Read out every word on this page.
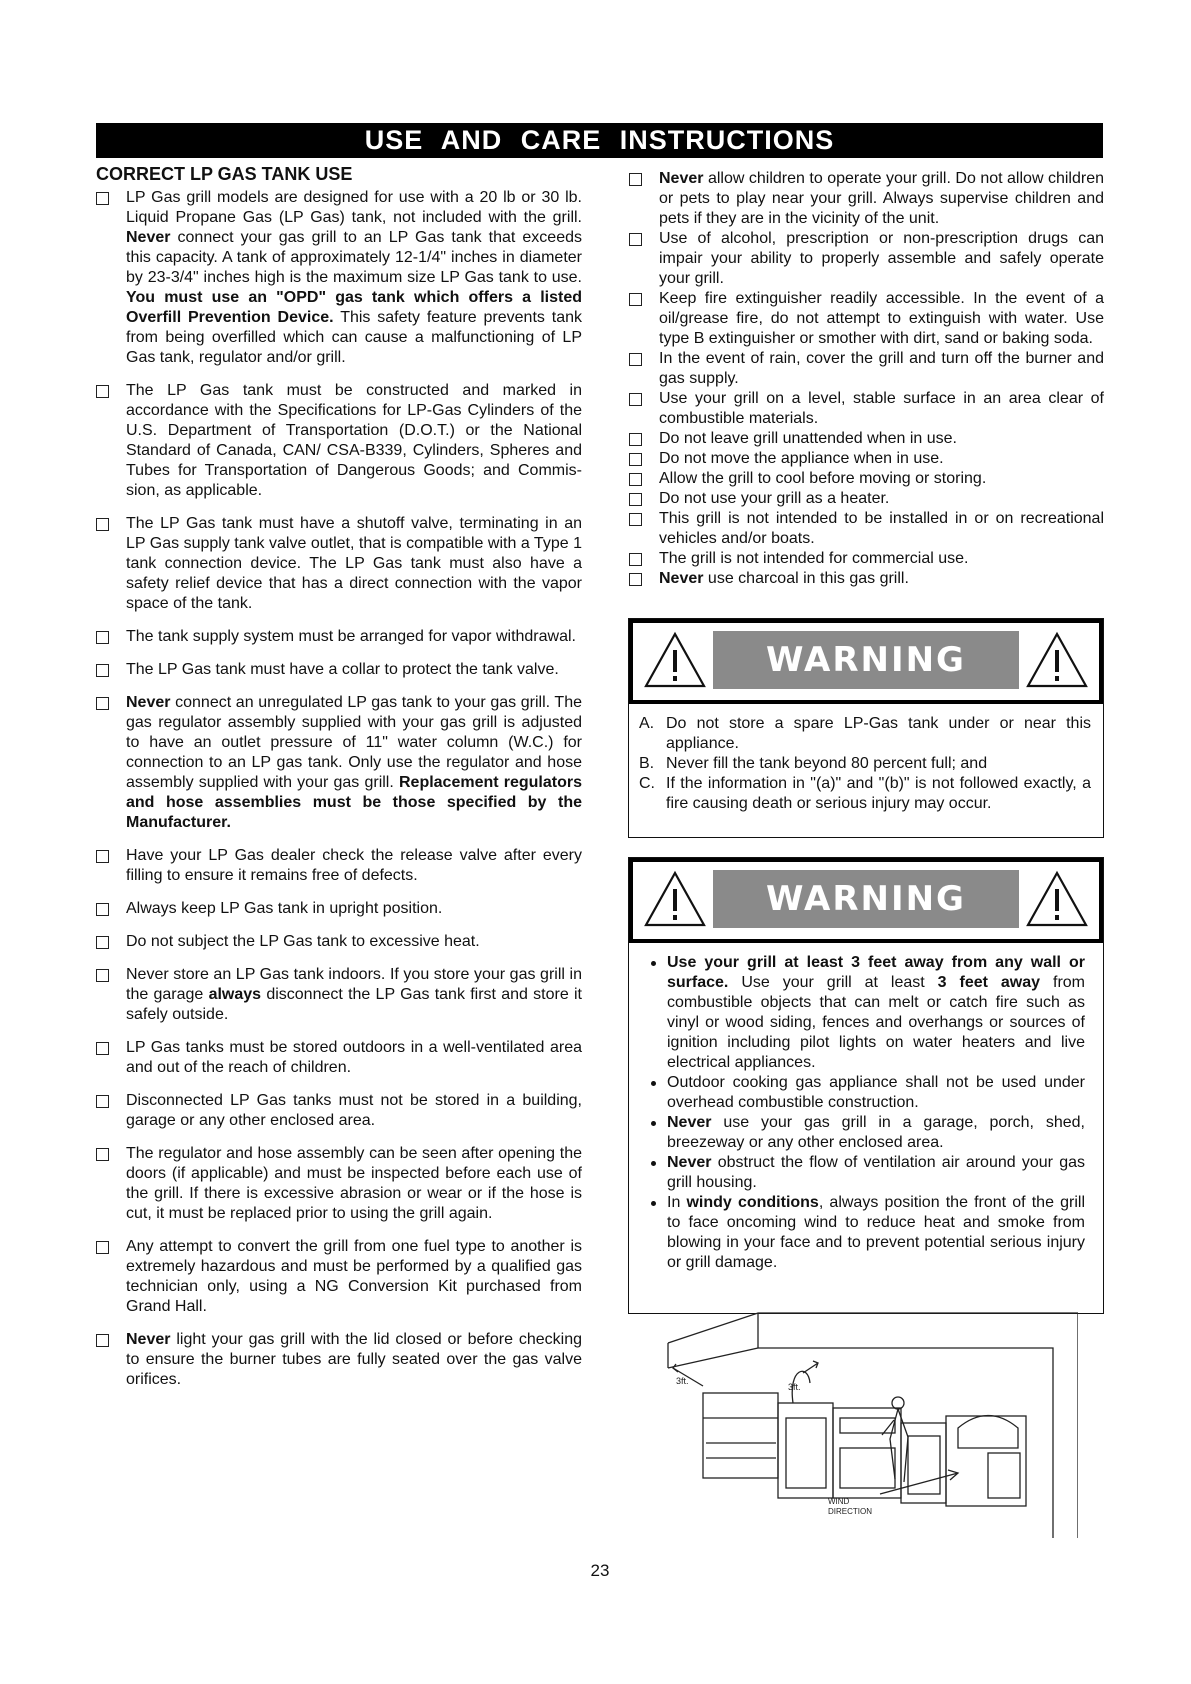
USE AND CARE INSTRUCTIONS
CORRECT LP GAS TANK USE
LP Gas grill models are designed for use with a 20 lb or 30 lb. Liquid Propane Gas (LP Gas) tank, not included with the grill. Never connect your gas grill to an LP Gas tank that exceeds this capacity. A tank of approximately 12-1/4" inches in diameter by 23-3/4" inches high is the maximum size LP Gas tank to use. You must use an "OPD" gas tank which offers a listed Overfill Prevention Device. This safety feature prevents tank from being overfilled which can cause a malfunctioning of LP Gas tank, regulator and/or grill.
The LP Gas tank must be constructed and marked in accordance with the Specifications for LP-Gas Cylinders of the U.S. Department of Transportation (D.O.T.) or the National Standard of Canada, CAN/ CSA-B339, Cylinders, Spheres and Tubes for Transportation of Dangerous Goods; and Commis-sion, as applicable.
The LP Gas tank must have a shutoff valve, terminating in an LP Gas supply tank valve outlet, that is compatible with a Type 1 tank connection device. The LP Gas tank must also have a safety relief device that has a direct connection with the vapor space of the tank.
The tank supply system must be arranged for vapor withdrawal.
The LP Gas tank must have a collar to protect the tank valve.
Never connect an unregulated LP gas tank to your gas grill. The gas regulator assembly supplied with your gas grill is adjusted to have an outlet pressure of 11" water column (W.C.) for connection to an LP gas tank. Only use the regulator and hose assembly supplied with your gas grill. Replacement regulators and hose assemblies must be those specified by the Manufacturer.
Have your LP Gas dealer check the release valve after every filling to ensure it remains free of defects.
Always keep LP Gas tank in upright position.
Do not subject the LP Gas tank to excessive heat.
Never store an LP Gas tank indoors. If you store your gas grill in the garage always disconnect the LP Gas tank first and store it safely outside.
LP Gas tanks must be stored outdoors in a well-ventilated area and out of the reach of children.
Disconnected LP Gas tanks must not be stored in a building, garage or any other enclosed area.
The regulator and hose assembly can be seen after opening the doors (if applicable) and must be inspected before each use of the grill. If there is excessive abrasion or wear or if the hose is cut, it must be replaced prior to using the grill again.
Any attempt to convert the grill from one fuel type to another is extremely hazardous and must be performed by a qualified gas technician only, using a NG Conversion Kit purchased from Grand Hall.
Never light your gas grill with the lid closed or before checking to ensure the burner tubes are fully seated over the gas valve orifices.
Never allow children to operate your grill. Do not allow children or pets to play near your grill. Always supervise children and pets if they are in the vicinity of the unit.
Use of alcohol, prescription or non-prescription drugs can impair your ability to properly assemble and safely operate your grill.
Keep fire extinguisher readily accessible. In the event of a oil/grease fire, do not attempt to extinguish with water. Use type B extinguisher or smother with dirt, sand or baking soda.
In the event of rain, cover the grill and turn off the burner and gas supply.
Use your grill on a level, stable surface in an area clear of combustible materials.
Do not leave grill unattended when in use.
Do not move the appliance when in use.
Allow the grill to cool before moving or storing.
Do not use your grill as a heater.
This grill is not intended to be installed in or on recreational vehicles and/or boats.
The grill is not intended for commercial use.
Never use charcoal in this gas grill.
WARNING
A. Do not store a spare LP-Gas tank under or near this appliance.
B. Never fill the tank beyond 80 percent full; and
C. If the information in "(a)" and "(b)" is not followed exactly, a fire causing death or serious injury may occur.
WARNING
Use your grill at least 3 feet away from any wall or surface. Use your grill at least 3 feet away from combustible objects that can melt or catch fire such as vinyl or wood siding, fences and overhangs or sources of ignition including pilot lights on water heaters and live electrical appliances.
Outdoor cooking gas appliance shall not be used under overhead combustible construction.
Never use your gas grill in a garage, porch, shed, breezeway or any other enclosed area.
Never obstruct the flow of ventilation air around your gas grill housing.
In windy conditions, always position the front of the grill to face oncoming wind to reduce heat and smoke from blowing in your face and to prevent potential serious injury or grill damage.
3ft.
3ft.
WIND
DIRECTION
23
